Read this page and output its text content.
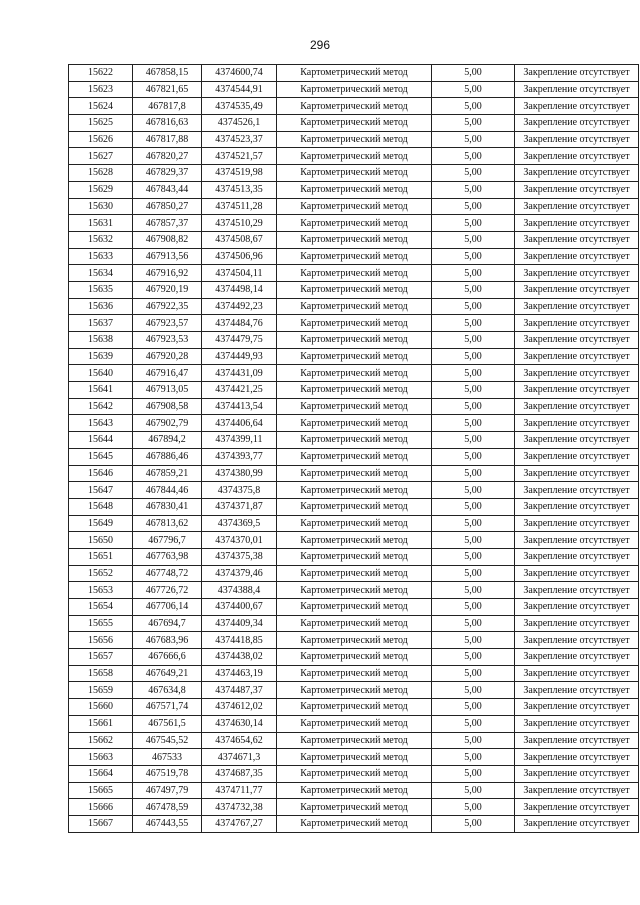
296
15622	467858,15	4374600,74	Картометрический метод	5,00	Закрепление отсутствует
15623	467821,65	4374544,91	Картометрический метод	5,00	Закрепление отсутствует
15624	467817,8	4374535,49	Картометрический метод	5,00	Закрепление отсутствует
15625	467816,63	4374526,1	Картометрический метод	5,00	Закрепление отсутствует
15626	467817,88	4374523,37	Картометрический метод	5,00	Закрепление отсутствует
15627	467820,27	4374521,57	Картометрический метод	5,00	Закрепление отсутствует
15628	467829,37	4374519,98	Картометрический метод	5,00	Закрепление отсутствует
15629	467843,44	4374513,35	Картометрический метод	5,00	Закрепление отсутствует
15630	467850,27	4374511,28	Картометрический метод	5,00	Закрепление отсутствует
15631	467857,37	4374510,29	Картометрический метод	5,00	Закрепление отсутствует
15632	467908,82	4374508,67	Картометрический метод	5,00	Закрепление отсутствует
15633	467913,56	4374506,96	Картометрический метод	5,00	Закрепление отсутствует
15634	467916,92	4374504,11	Картометрический метод	5,00	Закрепление отсутствует
15635	467920,19	4374498,14	Картометрический метод	5,00	Закрепление отсутствует
15636	467922,35	4374492,23	Картометрический метод	5,00	Закрепление отсутствует
15637	467923,57	4374484,76	Картометрический метод	5,00	Закрепление отсутствует
15638	467923,53	4374479,75	Картометрический метод	5,00	Закрепление отсутствует
15639	467920,28	4374449,93	Картометрический метод	5,00	Закрепление отсутствует
15640	467916,47	4374431,09	Картометрический метод	5,00	Закрепление отсутствует
15641	467913,05	4374421,25	Картометрический метод	5,00	Закрепление отсутствует
15642	467908,58	4374413,54	Картометрический метод	5,00	Закрепление отсутствует
15643	467902,79	4374406,64	Картометрический метод	5,00	Закрепление отсутствует
15644	467894,2	4374399,11	Картометрический метод	5,00	Закрепление отсутствует
15645	467886,46	4374393,77	Картометрический метод	5,00	Закрепление отсутствует
15646	467859,21	4374380,99	Картометрический метод	5,00	Закрепление отсутствует
15647	467844,46	4374375,8	Картометрический метод	5,00	Закрепление отсутствует
15648	467830,41	4374371,87	Картометрический метод	5,00	Закрепление отсутствует
15649	467813,62	4374369,5	Картометрический метод	5,00	Закрепление отсутствует
15650	467796,7	4374370,01	Картометрический метод	5,00	Закрепление отсутствует
15651	467763,98	4374375,38	Картометрический метод	5,00	Закрепление отсутствует
15652	467748,72	4374379,46	Картометрический метод	5,00	Закрепление отсутствует
15653	467726,72	4374388,4	Картометрический метод	5,00	Закрепление отсутствует
15654	467706,14	4374400,67	Картометрический метод	5,00	Закрепление отсутствует
15655	467694,7	4374409,34	Картометрический метод	5,00	Закрепление отсутствует
15656	467683,96	4374418,85	Картометрический метод	5,00	Закрепление отсутствует
15657	467666,6	4374438,02	Картометрический метод	5,00	Закрепление отсутствует
15658	467649,21	4374463,19	Картометрический метод	5,00	Закрепление отсутствует
15659	467634,8	4374487,37	Картометрический метод	5,00	Закрепление отсутствует
15660	467571,74	4374612,02	Картометрический метод	5,00	Закрепление отсутствует
15661	467561,5	4374630,14	Картометрический метод	5,00	Закрепление отсутствует
15662	467545,52	4374654,62	Картометрический метод	5,00	Закрепление отсутствует
15663	467533	4374671,3	Картометрический метод	5,00	Закрепление отсутствует
15664	467519,78	4374687,35	Картометрический метод	5,00	Закрепление отсутствует
15665	467497,79	4374711,77	Картометрический метод	5,00	Закрепление отсутствует
15666	467478,59	4374732,38	Картометрический метод	5,00	Закрепление отсутствует
15667	467443,55	4374767,27	Картометрический метод	5,00	Закрепление отсутствует
